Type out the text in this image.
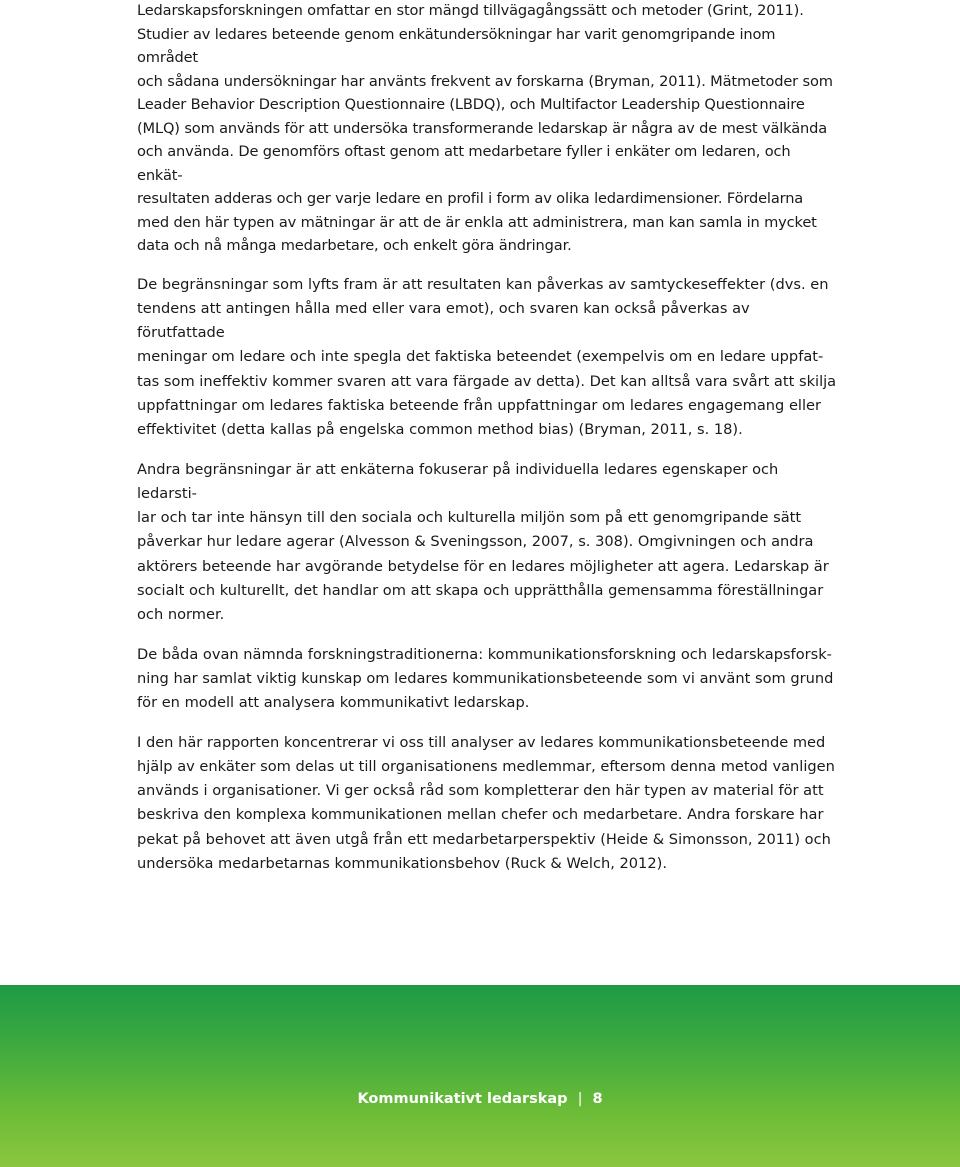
Ledarskapsforskningen omfattar en stor mängd tillvägagångssätt och metoder (Grint, 2011).
Studier av ledares beteende genom enkätundersökningar har varit genomgripande inom området
och sådana undersökningar har använts frekvent av forskarna (Bryman, 2011). Mätmetoder som
Leader Behavior Description Questionnaire (LBDQ), och Multifactor Leadership Questionnaire
(MLQ) som används för att undersöka transformerande ledarskap är några av de mest välkända
och använda. De genomförs oftast genom att medarbetare fyller i enkäter om ledaren, och enkät-
resultaten adderas och ger varje ledare en profil i form av olika ledardimensioner. Fördelarna
med den här typen av mätningar är att de är enkla att administrera, man kan samla in mycket
data och nå många medarbetare, och enkelt göra ändringar.

De begränsningar som lyfts fram är att resultaten kan påverkas av samtyckeseffekter (dvs. en
tendens att antingen hålla med eller vara emot), och svaren kan också påverkas av förutfattade
meningar om ledare och inte spegla det faktiska beteendet (exempelvis om en ledare uppfat-
tas som ineffektiv kommer svaren att vara färgade av detta). Det kan alltså vara svårt att skilja
uppfattningar om ledares faktiska beteende från uppfattningar om ledares engagemang eller
effektivitet (detta kallas på engelska common method bias) (Bryman, 2011, s. 18).

Andra begränsningar är att enkäterna fokuserar på individuella ledares egenskaper och ledarsti-
lar och tar inte hänsyn till den sociala och kulturella miljön som på ett genomgripande sätt
påverkar hur ledare agerar (Alvesson & Sveningsson, 2007, s. 308). Omgivningen och andra
aktörers beteende har avgörande betydelse för en ledares möjligheter att agera. Ledarskap är
socialt och kulturellt, det handlar om att skapa och upprätthålla gemensamma föreställningar
och normer.

De båda ovan nämnda forskningstraditionerna: kommunikationsforskning och ledarskapsforsk-
ning har samlat viktig kunskap om ledares kommunikationsbeteende som vi använt som grund
för en modell att analysera kommunikativt ledarskap.

I den här rapporten koncentrerar vi oss till analyser av ledares kommunikationsbeteende med
hjälp av enkäter som delas ut till organisationens medlemmar, eftersom denna metod vanligen
används i organisationer. Vi ger också råd som kompletterar den här typen av material för att
beskriva den komplexa kommunikationen mellan chefer och medarbetare. Andra forskare har
pekat på behovet att även utgå från ett medarbetarperspektiv (Heide & Simonsson, 2011) och
undersöka medarbetarnas kommunikationsbehov (Ruck & Welch, 2012).

Kommunikativt ledarskap | 8
